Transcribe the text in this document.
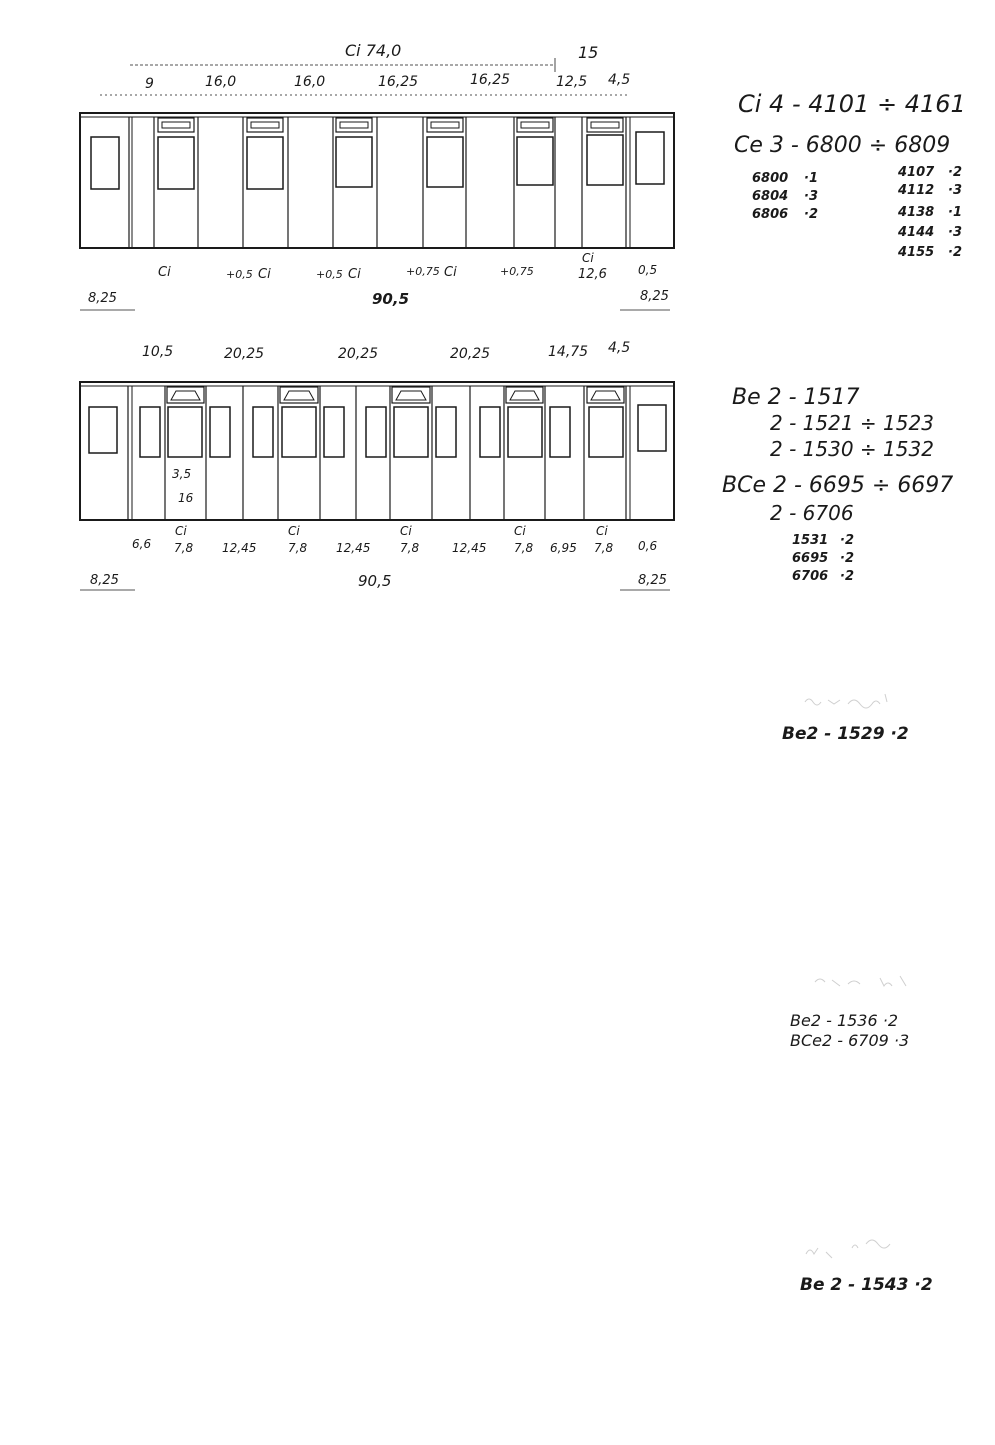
Ci 74,0	15
9	16,0	16,0	16,25	16,25	12,5 4,5
Ci	+0,5 Ci	+0,5 Ci	+0,75 Ci	+0,75
Ci
12,6	0,5
8,25	90,5	8,25
10,5	20,25	20,25	20,25	14,75 4,5
3,5
16
6,6
Ci
7,8 12,45
Ci
7,8 12,45
Ci
7,8	12,45
Ci
7,8 6,95
Ci
7,8 0,6
8,25	90,5	8,25
Ci 4 - 4101 ÷ 4161
Ce 3 - 6800 ÷ 6809
6800 ·1
6804 ·3
6806 ·2
4107 ·2
4112 ·3
4138 ·1
4144 ·3
4155 ·2
Be 2 - 1517
2 - 1521 ÷ 1523
2 - 1530 ÷ 1532
BCe 2 - 6695 ÷ 6697
2 - 6706
1531 ·2
6695 ·2
6706 ·2
Be2 - 1529 ·2
Be2 - 1536 ·2
BCe2 - 6709 ·3
Be 2 - 1543 ·2
